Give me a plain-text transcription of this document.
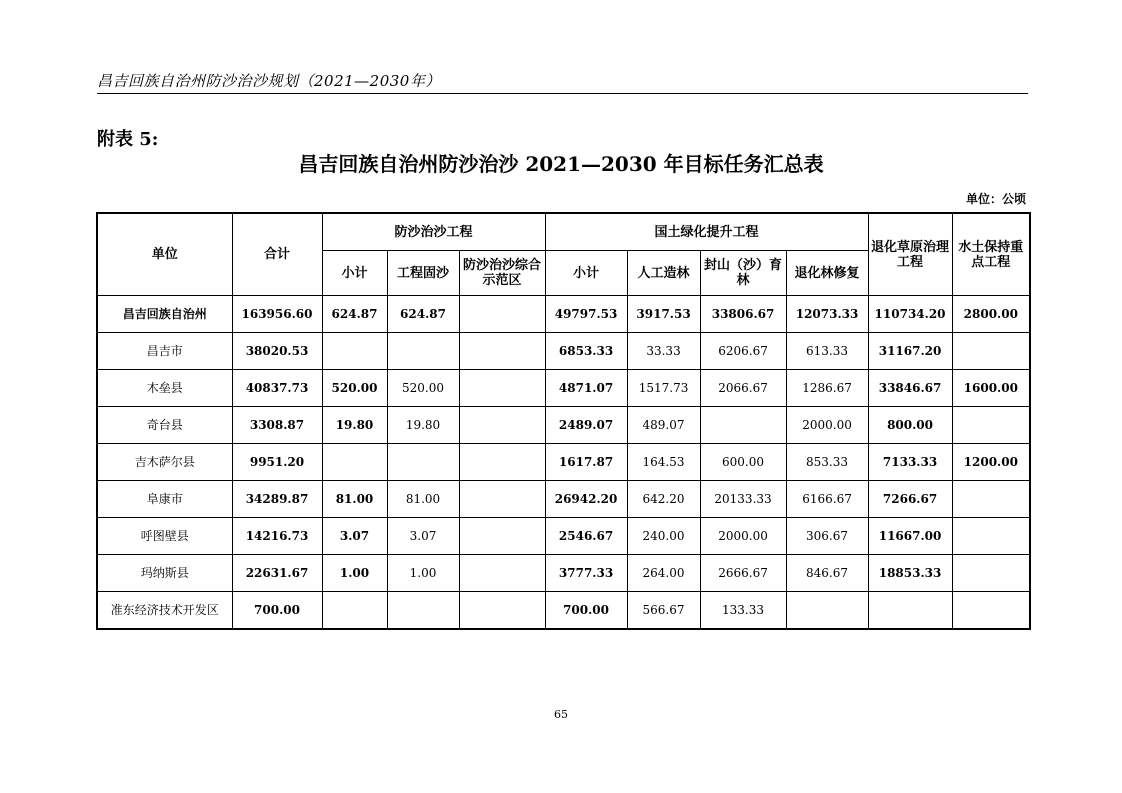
昌吉回族自治州防沙治沙规划（2021—2030年）
附表 5:
昌吉回族自治州防沙治沙 2021—2030 年目标任务汇总表
单位：公顷
单位	合计	防沙治沙工程			国土绿化提升工程				退化草原治理工程	水土保持重点工程
		小计	工程固沙	防沙治沙综合示范区	小计	人工造林	封山（沙）育林	退化林修复		
昌吉回族自治州	163956.60	624.87	624.87		49797.53	3917.53	33806.67	12073.33	110734.20	2800.00
昌吉市	38020.53				6853.33	33.33	6206.67	613.33	31167.20	
木垒县	40837.73	520.00	520.00		4871.07	1517.73	2066.67	1286.67	33846.67	1600.00
奇台县	3308.87	19.80	19.80		2489.07	489.07		2000.00	800.00	
吉木萨尔县	9951.20				1617.87	164.53	600.00	853.33	7133.33	1200.00
阜康市	34289.87	81.00	81.00		26942.20	642.20	20133.33	6166.67	7266.67	
呼图壁县	14216.73	3.07	3.07		2546.67	240.00	2000.00	306.67	11667.00	
玛纳斯县	22631.67	1.00	1.00		3777.33	264.00	2666.67	846.67	18853.33	
准东经济技术开发区	700.00				700.00	566.67	133.33			
65
